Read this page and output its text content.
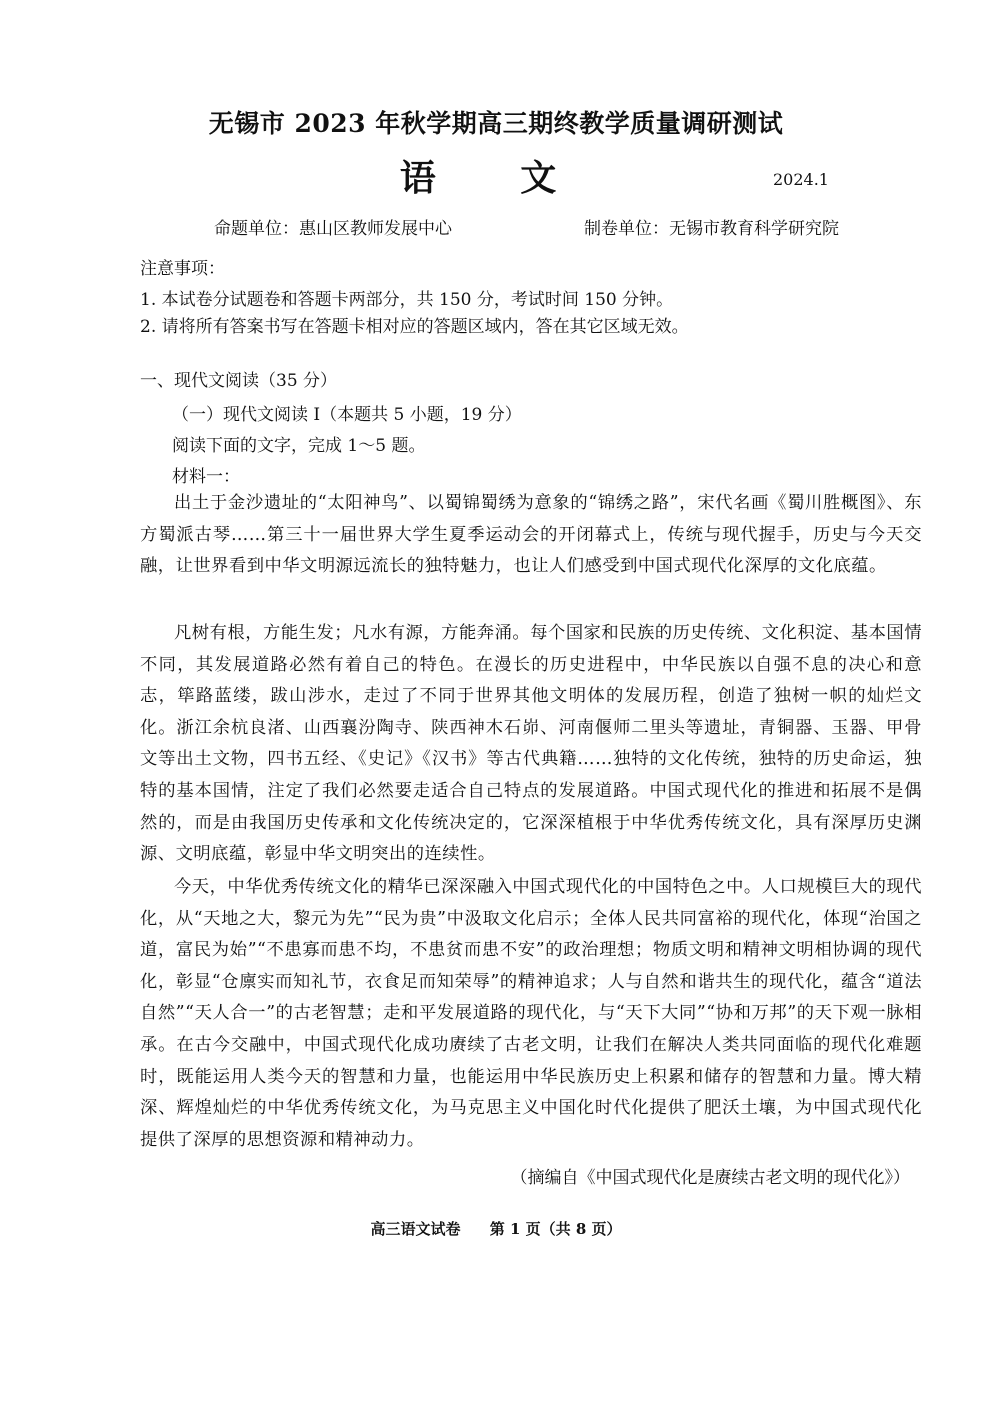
无锡市 2023 年秋学期高三期终教学质量调研测试
语 文	2024.1
命题单位：惠山区教师发展中心	制卷单位：无锡市教育科学研究院
注意事项：
1. 本试卷分试题卷和答题卡两部分，共 150 分，考试时间 150 分钟。
2. 请将所有答案书写在答题卡相对应的答题区域内，答在其它区域无效。
一、现代文阅读（35 分）
（一）现代文阅读 I（本题共 5 小题，19 分）
阅读下面的文字，完成 1～5 题。
材料一：

出土于金沙遗址的“太阳神鸟”、以蜀锦蜀绣为意象的“锦绣之路”，宋代名画《蜀川胜概图》、东方蜀派古琴……第三十一届世界大学生夏季运动会的开闭幕式上，传统与现代握手，历史与今天交融，让世界看到中华文明源远流长的独特魅力，也让人们感受到中国式现代化深厚的文化底蕴。

凡树有根，方能生发；凡水有源，方能奔涌。每个国家和民族的历史传统、文化积淀、基本国情不同，其发展道路必然有着自己的特色。在漫长的历史进程中，中华民族以自强不息的决心和意志，筚路蓝缕，跋山涉水，走过了不同于世界其他文明体的发展历程，创造了独树一帜的灿烂文化。浙江余杭良渚、山西襄汾陶寺、陕西神木石峁、河南偃师二里头等遗址，青铜器、玉器、甲骨文等出土文物，四书五经、《史记》《汉书》等古代典籍……独特的文化传统，独特的历史命运，独特的基本国情，注定了我们必然要走适合自己特点的发展道路。中国式现代化的推进和拓展不是偶然的，而是由我国历史传承和文化传统决定的，它深深植根于中华优秀传统文化，具有深厚历史渊源、文明底蕴，彰显中华文明突出的连续性。

今天，中华优秀传统文化的精华已深深融入中国式现代化的中国特色之中。人口规模巨大的现代化，从“天地之大，黎元为先”“民为贵”中汲取文化启示；全体人民共同富裕的现代化，体现“治国之道，富民为始”“不患寡而患不均，不患贫而患不安”的政治理想；物质文明和精神文明相协调的现代化，彰显“仓廪实而知礼节，衣食足而知荣辱”的精神追求；人与自然和谐共生的现代化，蕴含“道法自然”“天人合一”的古老智慧；走和平发展道路的现代化，与“天下大同”“协和万邦”的天下观一脉相承。在古今交融中，中国式现代化成功赓续了古老文明，让我们在解决人类共同面临的现代化难题时，既能运用人类今天的智慧和力量，也能运用中华民族历史上积累和储存的智慧和力量。博大精深、辉煌灿烂的中华优秀传统文化，为马克思主义中国化时代化提供了肥沃土壤，为中国式现代化提供了深厚的思想资源和精神动力。

（摘编自《中国式现代化是赓续古老文明的现代化》）
高三语文试卷 第 1 页（共 8 页）
